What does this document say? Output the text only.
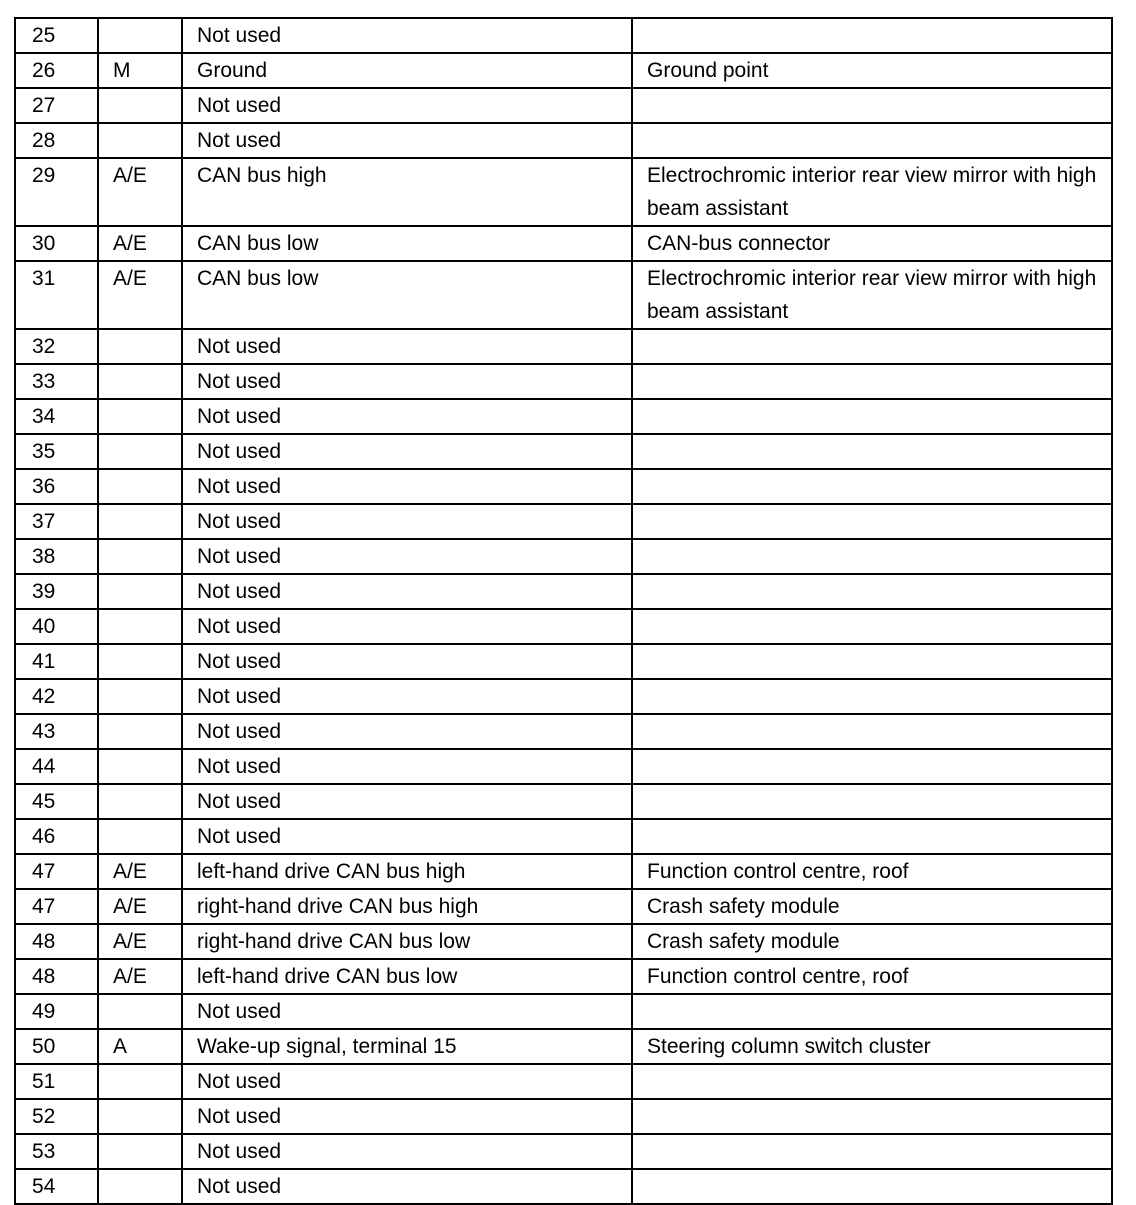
25		Not used	
26	M	Ground	Ground point
27		Not used	
28		Not used	
29	A/E	CAN bus high	Electrochromic interior rear view mirror with high beam assistant
30	A/E	CAN bus low	CAN-bus connector
31	A/E	CAN bus low	Electrochromic interior rear view mirror with high beam assistant
32		Not used	
33		Not used	
34		Not used	
35		Not used	
36		Not used	
37		Not used	
38		Not used	
39		Not used	
40		Not used	
41		Not used	
42		Not used	
43		Not used	
44		Not used	
45		Not used	
46		Not used	
47	A/E	left-hand drive CAN bus high	Function control centre, roof
47	A/E	right-hand drive CAN bus high	Crash safety module
48	A/E	right-hand drive CAN bus low	Crash safety module
48	A/E	left-hand drive CAN bus low	Function control centre, roof
49		Not used	
50	A	Wake-up signal, terminal 15	Steering column switch cluster
51		Not used	
52		Not used	
53		Not used	
54		Not used	
